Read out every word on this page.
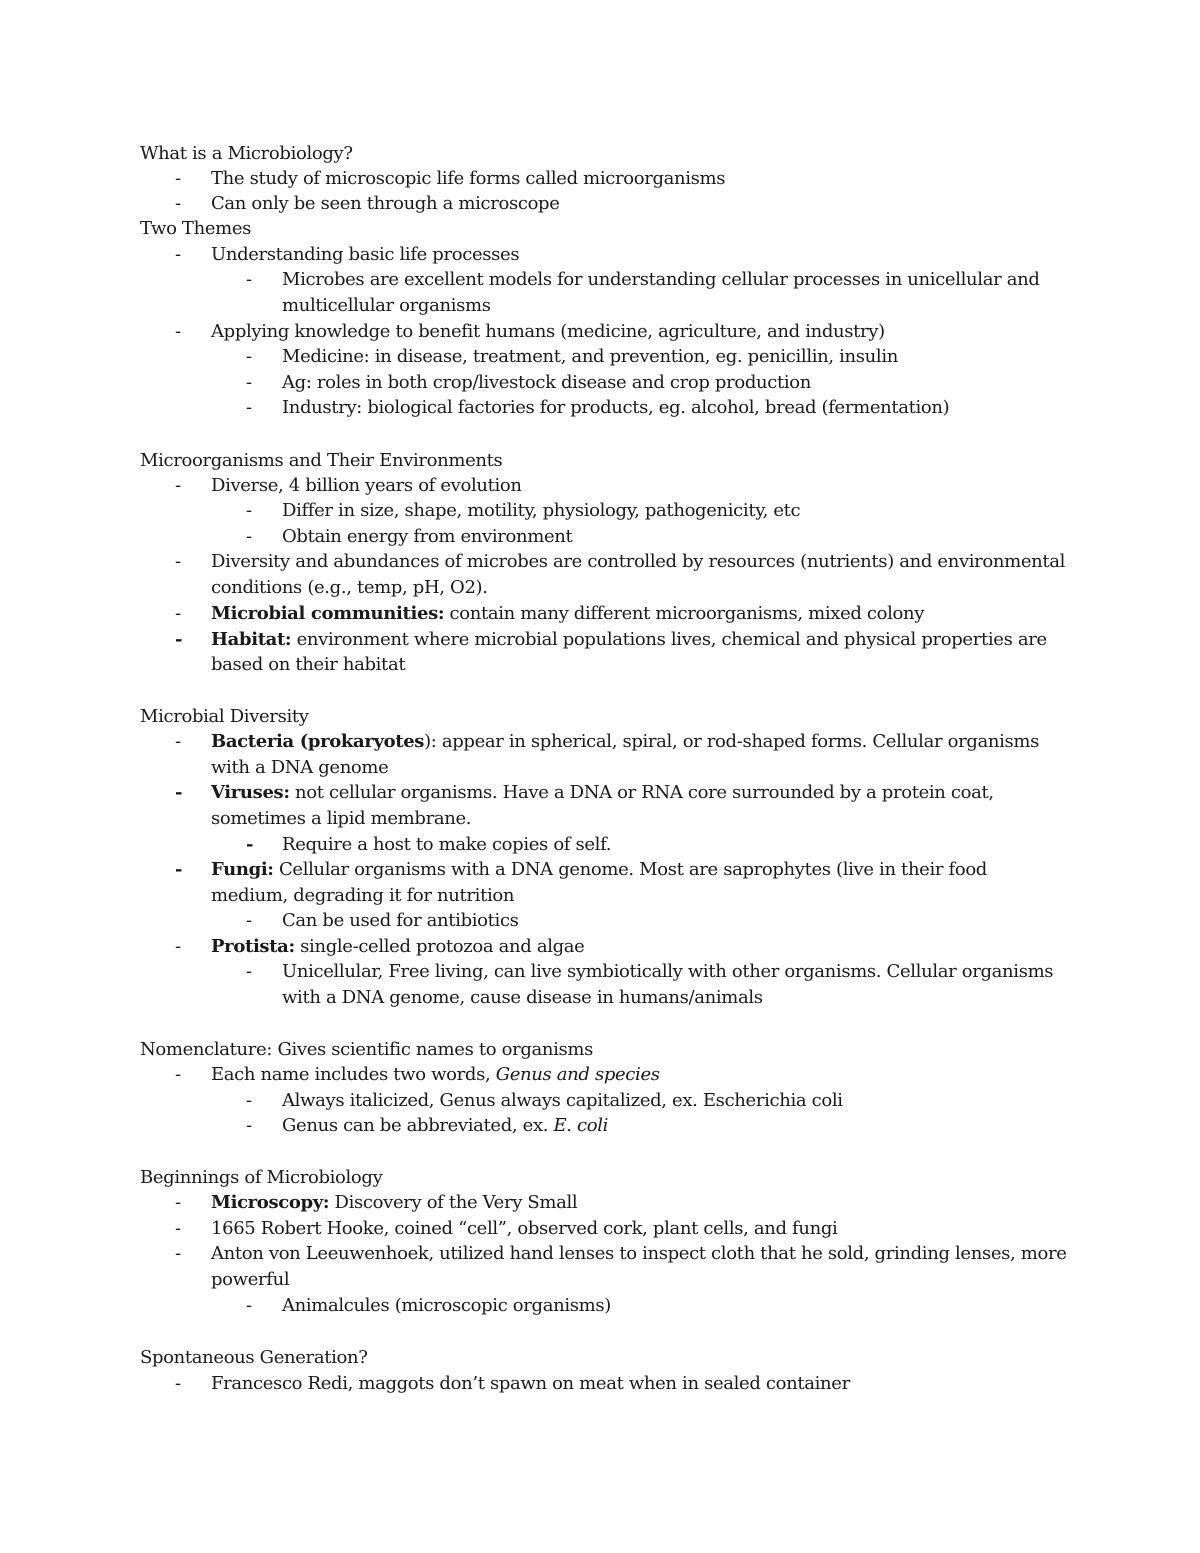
What is a Microbiology?
-	The study of microscopic life forms called microorganisms
-	Can only be seen through a microscope
Two Themes
-	Understanding basic life processes
-	Microbes are excellent models for understanding cellular processes in unicellular and
multicellular organisms
-	Applying knowledge to benefit humans (medicine, agriculture, and industry)
-	Medicine: in disease, treatment, and prevention, eg. penicillin, insulin
-	Ag: roles in both crop/livestock disease and crop production
-	Industry: biological factories for products, eg. alcohol, bread (fermentation)
Microorganisms and Their Environments
-	Diverse, 4 billion years of evolution
-	Differ in size, shape, motility, physiology, pathogenicity, etc
-	Obtain energy from environment
-	Diversity and abundances of microbes are controlled by resources (nutrients) and environmental
conditions (e.g., temp, pH, O2).
-	Microbial communities: contain many different microorganisms, mixed colony
-	Habitat: environment where microbial populations lives, chemical and physical properties are
based on their habitat
Microbial Diversity
-	Bacteria (prokaryotes): appear in spherical, spiral, or rod-shaped forms. Cellular organisms
with a DNA genome
-	Viruses: not cellular organisms. Have a DNA or RNA core surrounded by a protein coat,
sometimes a lipid membrane.
-	Require a host to make copies of self.
-	Fungi: Cellular organisms with a DNA genome. Most are saprophytes (live in their food
medium, degrading it for nutrition
-	Can be used for antibiotics
-	Protista: single-celled protozoa and algae
-	Unicellular, Free living, can live symbiotically with other organisms. Cellular organisms
with a DNA genome, cause disease in humans/animals
Nomenclature: Gives scientific names to organisms
-	Each name includes two words, Genus and species
-	Always italicized, Genus always capitalized, ex. Escherichia coli
-	Genus can be abbreviated, ex. E. coli
Beginnings of Microbiology
-	Microscopy: Discovery of the Very Small
-	1665 Robert Hooke, coined “cell”, observed cork, plant cells, and fungi
-	Anton von Leeuwenhoek, utilized hand lenses to inspect cloth that he sold, grinding lenses, more
powerful
-	Animalcules (microscopic organisms)
Spontaneous Generation?
-	Francesco Redi, maggots don’t spawn on meat when in sealed container
